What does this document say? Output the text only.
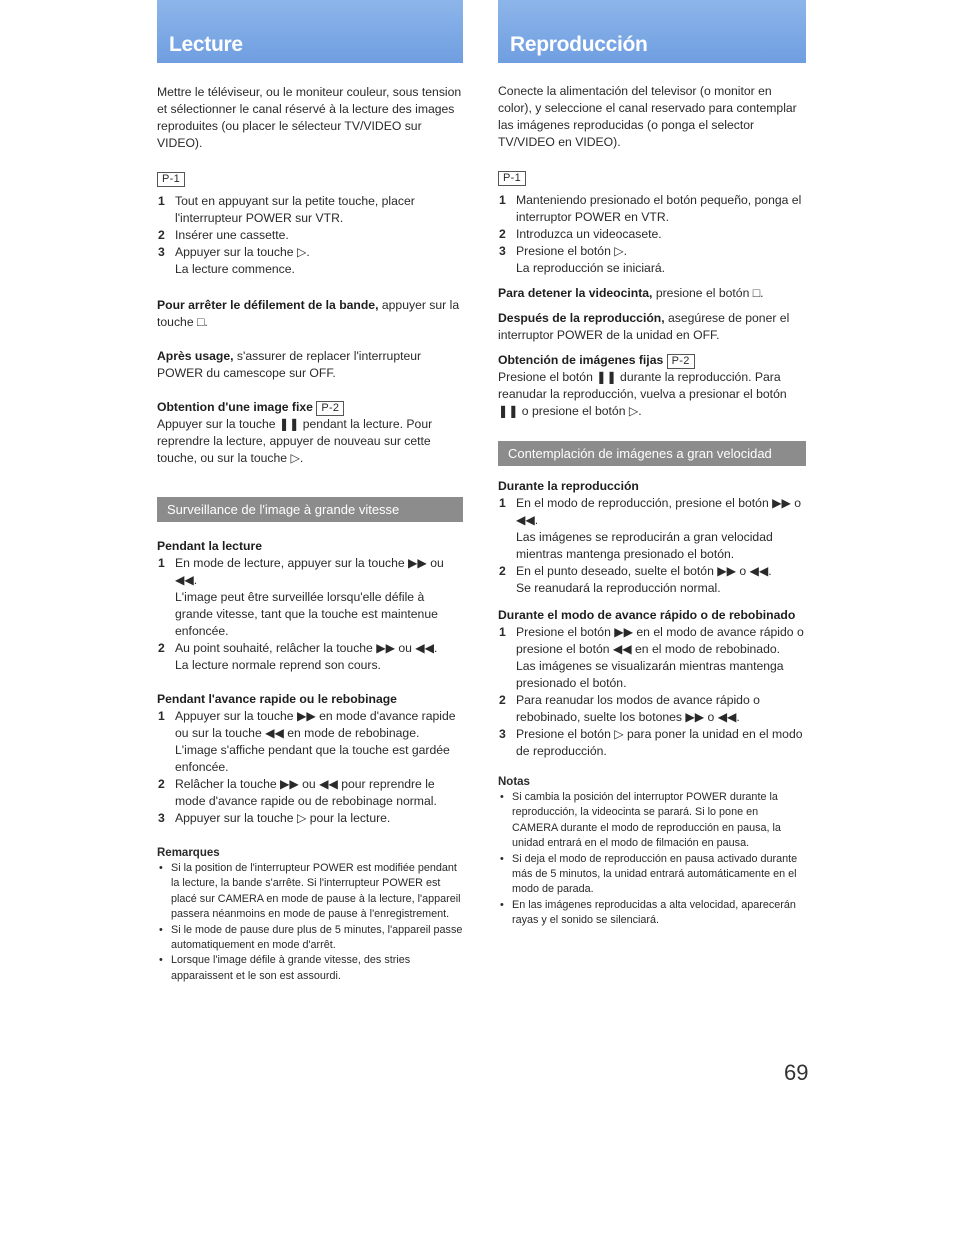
Lecture

Mettre le téléviseur, ou le moniteur couleur, sous tension et sélectionner le canal réservé à la lecture des images reproduites (ou placer le sélecteur TV/VIDEO sur VIDEO).

P-1
1 Tout en appuyant sur la petite touche, placer l'interrupteur POWER sur VTR.
2 Insérer une cassette.
3 Appuyer sur la touche ▷.
La lecture commence.

Pour arrêter le défilement de la bande, appuyer sur la touche □.

Après usage, s'assurer de replacer l'interrupteur POWER du camescope sur OFF.

Obtention d'une image fixe P-2
Appuyer sur la touche ❚❚ pendant la lecture. Pour reprendre la lecture, appuyer de nouveau sur cette touche, ou sur la touche ▷.

Surveillance de l'image à grande vitesse

Pendant la lecture

1 En mode de lecture, appuyer sur la touche ▶▶ ou ◀◀.
L'image peut être surveillée lorsqu'elle défile à grande vitesse, tant que la touche est maintenue enfoncée.
2 Au point souhaité, relâcher la touche ▶▶ ou ◀◀.
La lecture normale reprend son cours.

Pendant l'avance rapide ou le rebobinage

1 Appuyer sur la touche ▶▶ en mode d'avance rapide ou sur la touche ◀◀ en mode de rebobinage.
L'image s'affiche pendant que la touche est gardée enfoncée.
2 Relâcher la touche ▶▶ ou ◀◀ pour reprendre le mode d'avance rapide ou de rebobinage normal.
3 Appuyer sur la touche ▷ pour la lecture.

Remarques

• Si la position de l'interrupteur POWER est modifiée pendant la lecture, la bande s'arrête. Si l'interrupteur POWER est placé sur CAMERA en mode de pause à la lecture, l'appareil passera néanmoins en mode de pause à l'enregistrement.
• Si le mode de pause dure plus de 5 minutes, l'appareil passe automatiquement en mode d'arrêt.
• Lorsque l'image défile à grande vitesse, des stries apparaissent et le son est assourdi.
Reproducción

Conecte la alimentación del televisor (o monitor en color), y seleccione el canal reservado para contemplar las imágenes reproducidas (o ponga el selector TV/VIDEO en VIDEO).

P-1
1 Manteniendo presionado el botón pequeño, ponga el interruptor POWER en VTR.
2 Introduzca un videocasete.
3 Presione el botón ▷.
La reproducción se iniciará.

Para detener la videocinta, presione el botón □.

Después de la reproducción, asegúrese de poner el interruptor POWER de la unidad en OFF.

Obtención de imágenes fijas P-2
Presione el botón ❚❚ durante la reproducción. Para reanudar la reproducción, vuelva a presionar el botón ❚❚ o presione el botón ▷.

Contemplación de imágenes a gran velocidad

Durante la reproducción

1 En el modo de reproducción, presione el botón ▶▶ o ◀◀.
Las imágenes se reproducirán a gran velocidad mientras mantenga presionado el botón.
2 En el punto deseado, suelte el botón ▶▶ o ◀◀.
Se reanudará la reproducción normal.

Durante el modo de avance rápido o de rebobinado

1 Presione el botón ▶▶ en el modo de avance rápido o presione el botón ◀◀ en el modo de rebobinado.
Las imágenes se visualizarán mientras mantenga presionado el botón.
2 Para reanudar los modos de avance rápido o rebobinado, suelte los botones ▶▶ o ◀◀.
3 Presione el botón ▷ para poner la unidad en el modo de reproducción.

Notas

• Si cambia la posición del interruptor POWER durante la reproducción, la videocinta se parará. Si lo pone en CAMERA durante el modo de reproducción en pausa, la unidad entrará en el modo de filmación en pausa.
• Si deja el modo de reproducción en pausa activado durante más de 5 minutos, la unidad entrará automáticamente en el modo de parada.
• En las imágenes reproducidas a alta velocidad, aparecerán rayas y el sonido se silenciará.
69
